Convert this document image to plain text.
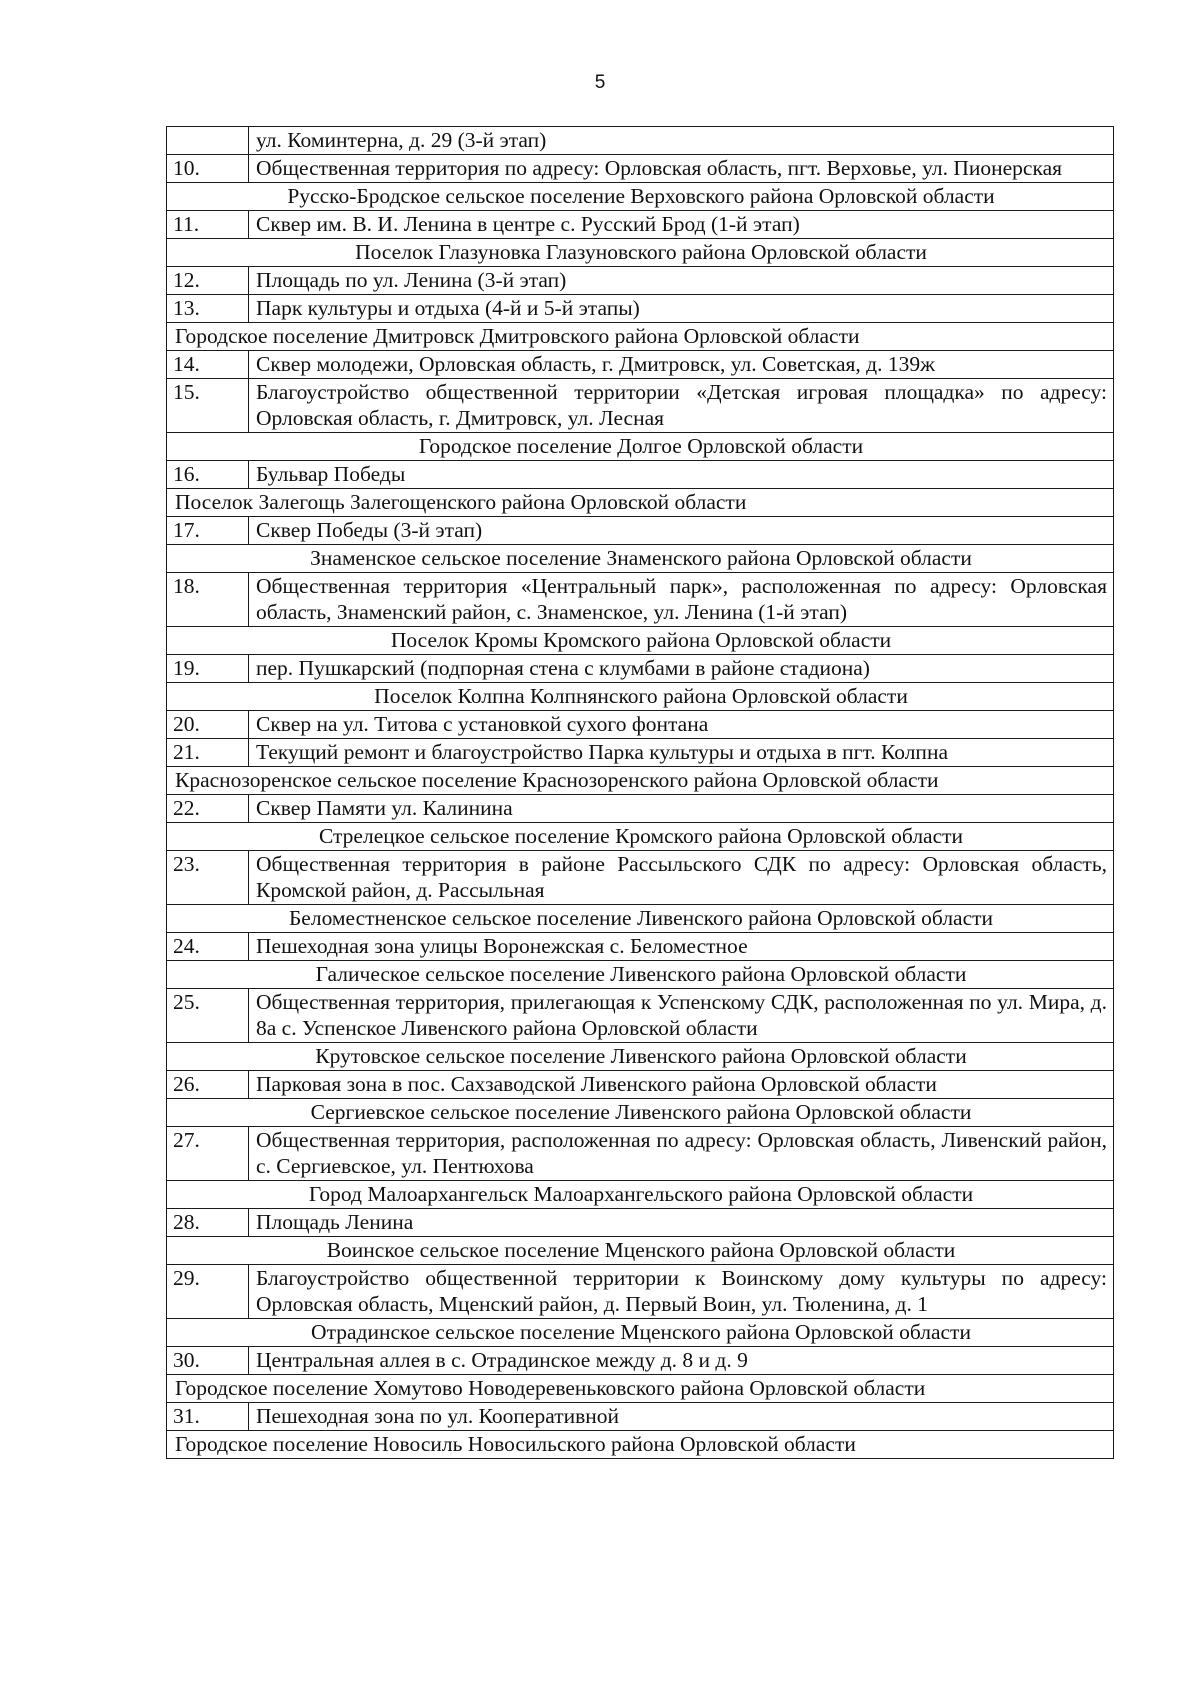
5
	ул. Коминтерна, д. 29 (3-й этап)
10.	Общественная территория по адресу: Орловская область, пгт. Верховье, ул. Пионерская
Русско-Бродское сельское поселение Верховского района Орловской области	
11.	Сквер им. В. И. Ленина в центре с. Русский Брод (1-й этап)
Поселок Глазуновка Глазуновского района Орловской области	
12.	Площадь по ул. Ленина (3-й этап)
13.	Парк культуры и отдыха (4-й и 5-й этапы)
Городское поселение Дмитровск Дмитровского района Орловской области	
14.	Сквер молодежи, Орловская область, г. Дмитровск, ул. Советская, д. 139ж
15.	Благоустройство общественной территории «Детская игровая площадка» по адресу: Орловская область, г. Дмитровск, ул. Лесная
Городское поселение Долгое Орловской области	
16.	Бульвар Победы
Поселок Залегощь Залегощенского района Орловской области	
17.	Сквер Победы (3-й этап)
Знаменское сельское поселение Знаменского района Орловской области	
18.	Общественная территория «Центральный парк», расположенная по адресу: Орловская область, Знаменский район, с. Знаменское, ул. Ленина (1-й этап)
Поселок Кромы Кромского района Орловской области	
19.	пер. Пушкарский (подпорная стена с клумбами в районе стадиона)
Поселок Колпна Колпнянского района Орловской области	
20.	Сквер на ул. Титова с установкой сухого фонтана
21.	Текущий ремонт и благоустройство Парка культуры и отдыха в пгт. Колпна
Краснозоренское сельское поселение Краснозоренского района Орловской области	
22.	Сквер Памяти ул. Калинина
Стрелецкое сельское поселение Кромского района Орловской области	
23.	Общественная территория в районе Рассыльского СДК по адресу: Орловская область, Кромской район, д. Рассыльная
Беломестненское сельское поселение Ливенского района Орловской области	
24.	Пешеходная зона улицы Воронежская с. Беломестное
Галическое сельское поселение Ливенского района Орловской области	
25.	Общественная территория, прилегающая к Успенскому СДК, расположенная по ул. Мира, д. 8а с. Успенское Ливенского района Орловской области
Крутовское сельское поселение Ливенского района Орловской области	
26.	Парковая зона в пос. Сахзаводской Ливенского района Орловской области
Сергиевское сельское поселение Ливенского района Орловской области	
27.	Общественная территория, расположенная по адресу: Орловская область, Ливенский район, с. Сергиевское, ул. Пентюхова
Город Малоархангельск Малоархангельского района Орловской области	
28.	Площадь Ленина
Воинское сельское поселение Мценского района Орловской области	
29.	Благоустройство общественной территории к Воинскому дому культуры по адресу: Орловская область, Мценский район, д. Первый Воин, ул. Тюленина, д. 1
Отрадинское сельское поселение Мценского района Орловской области	
30.	Центральная аллея в с. Отрадинское между д. 8 и д. 9
Городское поселение Хомутово Новодеревеньковского района Орловской области	
31.	Пешеходная зона по ул. Кооперативной
Городское поселение Новосиль Новосильского района Орловской области	
